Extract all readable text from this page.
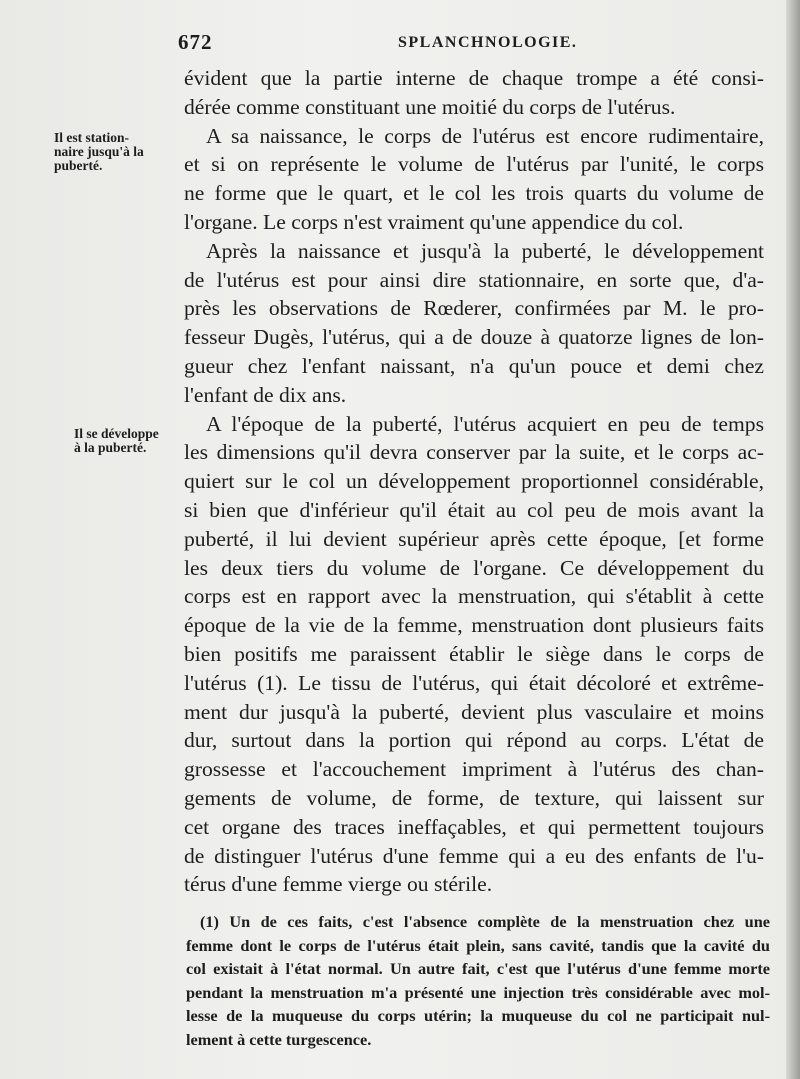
672	SPLANCHNOLOGIE.
Il est station-
naire jusqu'à la
puberté.
Il se développe
à la puberté.
évident que la partie interne de chaque trompe a été consi-
dérée comme constituant une moitié du corps de l'utérus.
A sa naissance, le corps de l'utérus est encore rudimentaire,
et si on représente le volume de l'utérus par l'unité, le corps
ne forme que le quart, et le col les trois quarts du volume de
l'organe. Le corps n'est vraiment qu'une appendice du col.
Après la naissance et jusqu'à la puberté, le développement
de l'utérus est pour ainsi dire stationnaire, en sorte que, d'a-
près les observations de Rœderer, confirmées par M. le pro-
fesseur Dugès, l'utérus, qui a de douze à quatorze lignes de lon-
gueur chez l'enfant naissant, n'a qu'un pouce et demi chez
l'enfant de dix ans.
A l'époque de la puberté, l'utérus acquiert en peu de temps
les dimensions qu'il devra conserver par la suite, et le corps ac-
quiert sur le col un développement proportionnel considérable,
si bien que d'inférieur qu'il était au col peu de mois avant la
puberté, il lui devient supérieur après cette époque, [et forme
les deux tiers du volume de l'organe. Ce développement du
corps est en rapport avec la menstruation, qui s'établit à cette
époque de la vie de la femme, menstruation dont plusieurs faits
bien positifs me paraissent établir le siège dans le corps de
l'utérus (1). Le tissu de l'utérus, qui était décoloré et extrême-
ment dur jusqu'à la puberté, devient plus vasculaire et moins
dur, surtout dans la portion qui répond au corps. L'état de
grossesse et l'accouchement impriment à l'utérus des chan-
gements de volume, de forme, de texture, qui laissent sur
cet organe des traces ineffaçables, et qui permettent toujours
de distinguer l'utérus d'une femme qui a eu des enfants de l'u-
térus d'une femme vierge ou stérile.
(1) Un de ces faits, c'est l'absence complète de la menstruation chez une
femme dont le corps de l'utérus était plein, sans cavité, tandis que la cavité du
col existait à l'état normal. Un autre fait, c'est que l'utérus d'une femme morte
pendant la menstruation m'a présenté une injection très considérable avec mol-
lesse de la muqueuse du corps utérin; la muqueuse du col ne participait nul-
lement à cette turgescence.
